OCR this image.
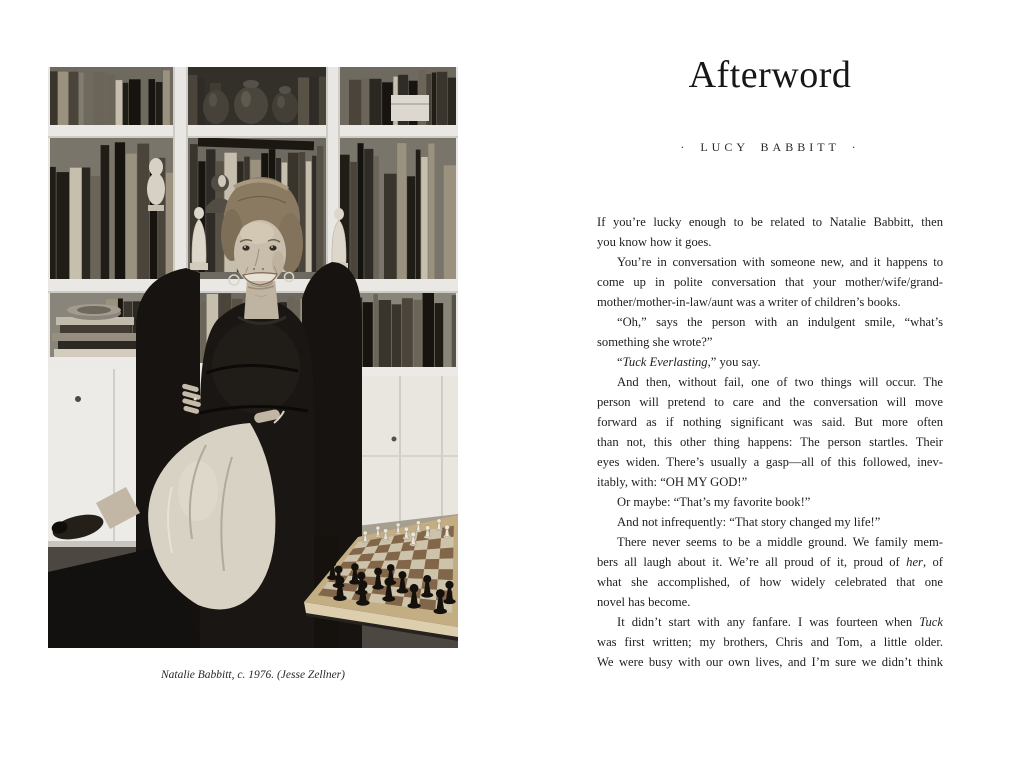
Natalie Babbitt, c. 1976. (Jesse Zellner)
Afterword
· LUCY BABBITT ·
If you’re lucky enough to be related to Natalie Babbitt, then
you know how it goes.
You’re in conversation with someone new, and it happens to
come up in polite conversation that your mother/wife/grand-
mother/mother-in-law/aunt was a writer of children’s books.
“Oh,” says the person with an indulgent smile, “what’s
something she wrote?”
“Tuck Everlasting,” you say.
And then, without fail, one of two things will occur. The
person will pretend to care and the conversation will move
forward as if nothing significant was said. But more often
than not, this other thing happens: The person startles. Their
eyes widen. There’s usually a gasp—all of this followed, inev-
itably, with: “OH MY GOD!”
Or maybe: “That’s my favorite book!”
And not infrequently: “That story changed my life!”
There never seems to be a middle ground. We family mem-
bers all laugh about it. We’re all proud of it, proud of her, of
what she accomplished, of how widely celebrated that one
novel has become.
It didn’t start with any fanfare. I was fourteen when Tuck
was first written; my brothers, Chris and Tom, a little older.
We were busy with our own lives, and I’m sure we didn’t think
